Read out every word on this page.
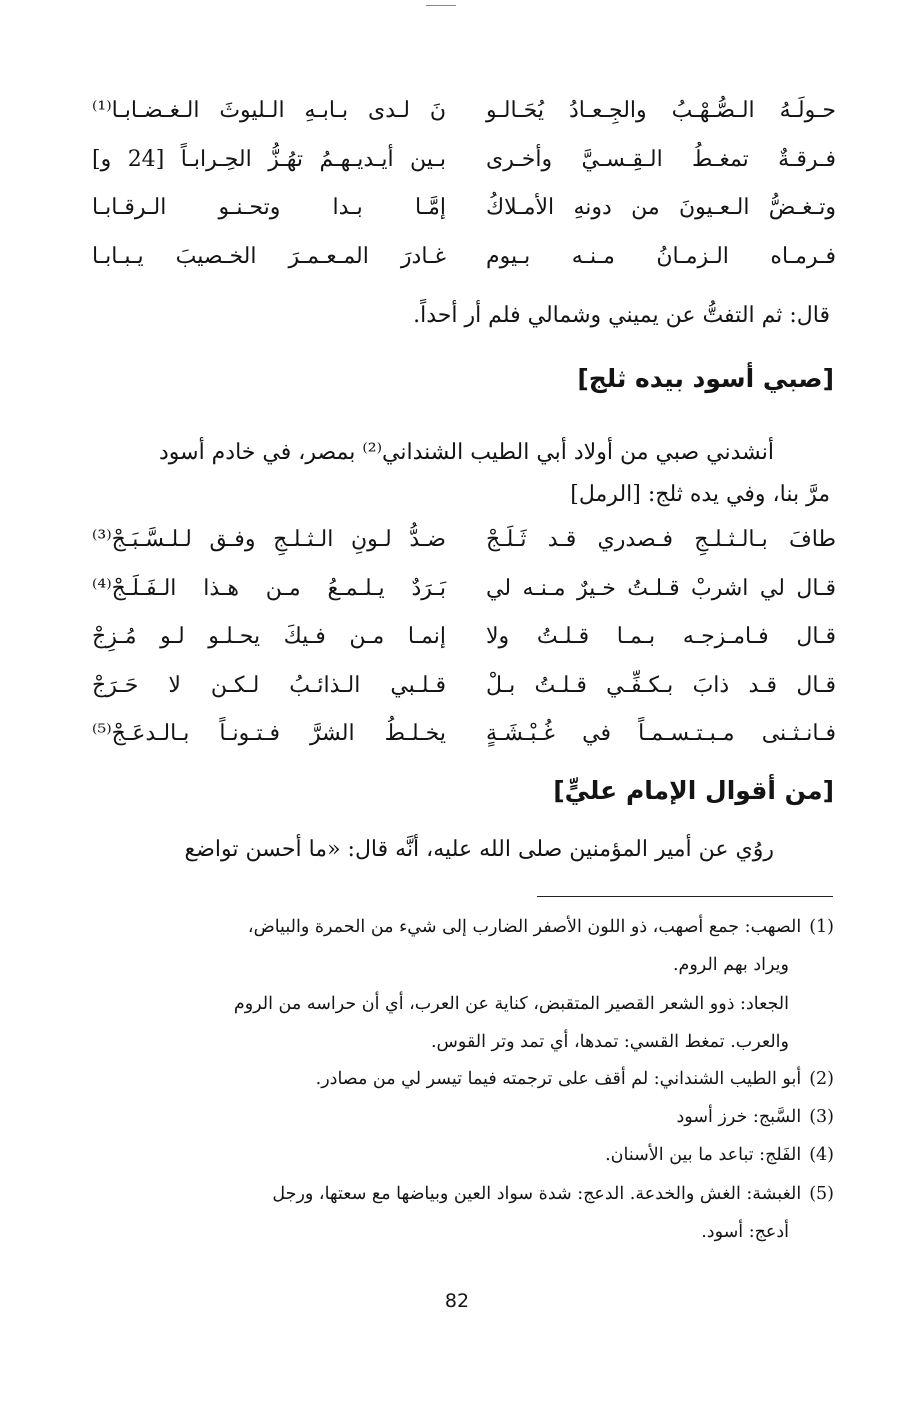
حـولَـهُ الـصُّـهْـبُ والجِـعـادُ يُحَـالـو
نَ لـدى بـابـهِ الـليوثَ الـغـضـابـا⁽¹⁾
فـرقـةٌ تمغـطُ الـقِـسـيَّ وأخـرى
بـين أيـديـهـمُ تهُـزُّ الحِـرابـاً [24 و]
وتـغـضُّ الـعـيونَ من دونهِ الأمـلاكُ
إمَّـا بـدا وتحـنـو الـرقـابـا
فـرمـاه الـزمـانُ مـنـه بـيوم
غـادرَ المـعـمـرَ الخـصيبَ يـبـابـا
قال: ثم التفتُّ عن يميني وشمالي فلم أر أحداً.
[صبي أسود بيده ثلج]
أنشدني صبي من أولاد أبي الطيب الشنداني⁽²⁾ بمصر، في خادم أسود
مرَّ بنا، وفي يده ثلج: [الرمل]
طافَ بـالـثـلـجِ فـصدري قـد ثَـلَـجْ
ضـدُّ لـونِ الـثـلـجِ وفـق لـلـسَّـبَـجْ⁽³⁾
قـال لي اشربْ قـلـتُ خـيرٌ مـنـه لي
بَـرَدٌ يـلـمـعُ مـن هـذا الـفَـلَـجْ⁽⁴⁾
قـال فـامـزجـه بـمـا قـلـتُ ولا
إنمـا مـن فـيكَ يحـلـو لـو مُـزِجْ
قـال قـد ذابَ بـكـفِّـي قـلـتُ بـلْ
قـلـبي الـذائـبُ لـكـن لا حَـرَجْ
فـانـثـنى مـبـتـسـمـاً في غُـبْـشَـةٍ
يخـلـطُ الشرَّ فـتـونـاً بـالـدعَـجْ⁽⁵⁾
[من أقوال الإمام عليٍّ]
روُي عن أمير المؤمنين صلى الله عليه، أنَّه قال: «ما أحسن تواضع
(1)الصهب: جمع أصهب، ذو اللون الأصفر الضارب إلى شيء من الحمرة والبياض،
ويراد بهم الروم.
الجعاد: ذوو الشعر القصير المتقبض، كناية عن العرب، أي أن حراسه من الروم
والعرب. تمغط القسي: تمدها، أي تمد وتر القوس.
(2)أبو الطيب الشنداني: لم أقف على ترجمته فيما تيسر لي من مصادر.
(3)السَّبج: خرز أسود
(4)الفَلج: تباعد ما بين الأسنان.
(5)الغبشة: الغش والخدعة. الدعج: شدة سواد العين وبياضها مع سعتها، ورجل
أدعج: أسود.
82
